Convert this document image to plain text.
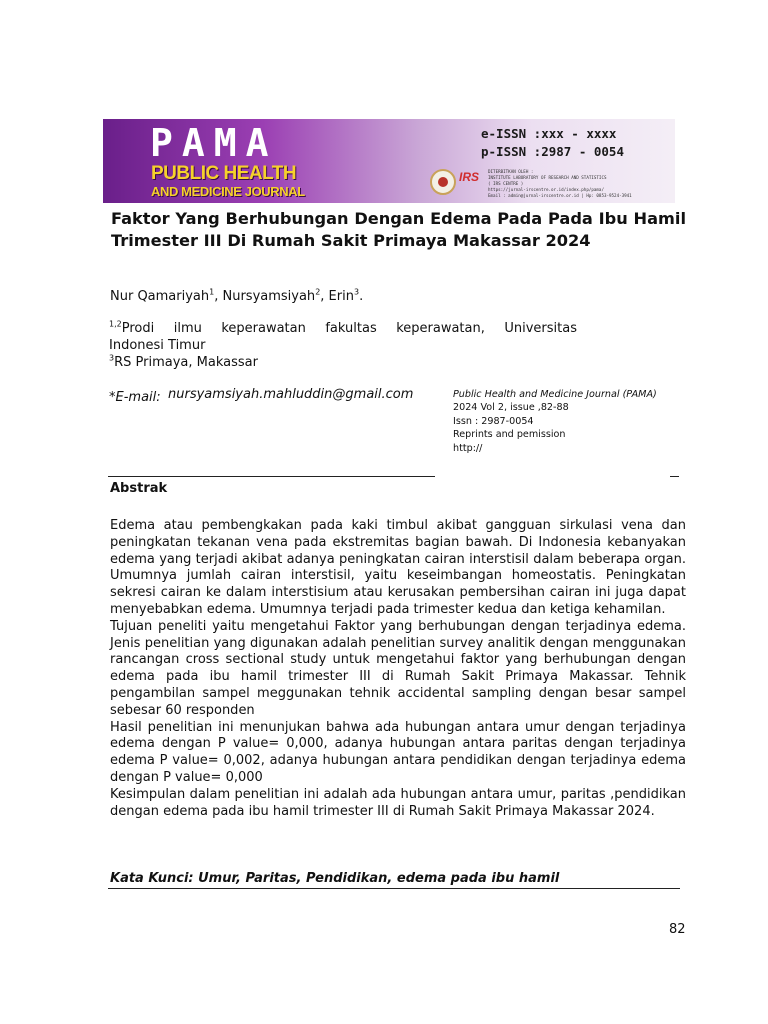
PAMA
PUBLIC HEALTH
AND MEDICINE JOURNAL
e-ISSN :xxx - xxxx
p-ISSN :2987 - 0054
IRS DITERBITKAN OLEH :
INSTITUTE LABORATORY OF RESEARCH AND STATISTICS
( IRS CENTRE )
https://jurnal-irscentre.or.id/index.php/pama/
Email : admin@jurnal-irscentre.or.id | Hp: 0853-9524-3941
Faktor Yang Berhubungan Dengan Edema Pada Pada Ibu Hamil Trimester III Di Rumah Sakit Primaya Makassar 2024
Nur Qamariyah$^1$, Nursyamsiyah$^2$, Erin$^3$.

$^{1,2}$Prodi ilmu keperawatan fakultas keperawatan, Universitas

Indonesi Timur

$^3$RS Primaya, Makassar

*E-mail: nursyamsiyah.mahluddin@gmail.com	Public Health and Medicine Journal (PAMA)
2024 Vol 2, issue ,82-88
Issn : 2987-0054
Reprints and pemission
http://
Abstrak

Edema atau pembengkakan pada kaki timbul akibat gangguan sirkulasi vena dan peningkatan tekanan vena pada ekstremitas bagian bawah. Di Indonesia kebanyakan edema yang terjadi akibat adanya peningkatan cairan interstisil dalam beberapa organ. Umumnya jumlah cairan interstisil, yaitu keseimbangan homeostatis. Peningkatan sekresi cairan ke dalam interstisium atau kerusakan pembersihan cairan ini juga dapat menyebabkan edema. Umumnya terjadi pada trimester kedua dan ketiga kehamilan.

Tujuan peneliti yaitu mengetahui Faktor yang berhubungan dengan terjadinya edema. Jenis penelitian yang digunakan adalah penelitian survey analitik dengan menggunakan rancangan cross sectional study untuk mengetahui faktor yang berhubungan dengan edema pada ibu hamil trimester III di Rumah Sakit Primaya Makassar. Tehnik pengambilan sampel meggunakan tehnik accidental sampling dengan besar sampel sebesar 60 responden

Hasil penelitian ini menunjukan bahwa ada hubungan antara umur dengan terjadinya edema dengan P value= 0,000, adanya hubungan antara paritas dengan terjadinya edema P value= 0,002, adanya hubungan antara pendidikan dengan terjadinya edema dengan P value= 0,000

Kesimpulan dalam penelitian ini adalah ada hubungan antara umur, paritas ,pendidikan dengan edema pada ibu hamil trimester III di Rumah Sakit Primaya Makassar 2024.

Kata Kunci: Umur, Paritas, Pendidikan, edema pada ibu hamil
82
